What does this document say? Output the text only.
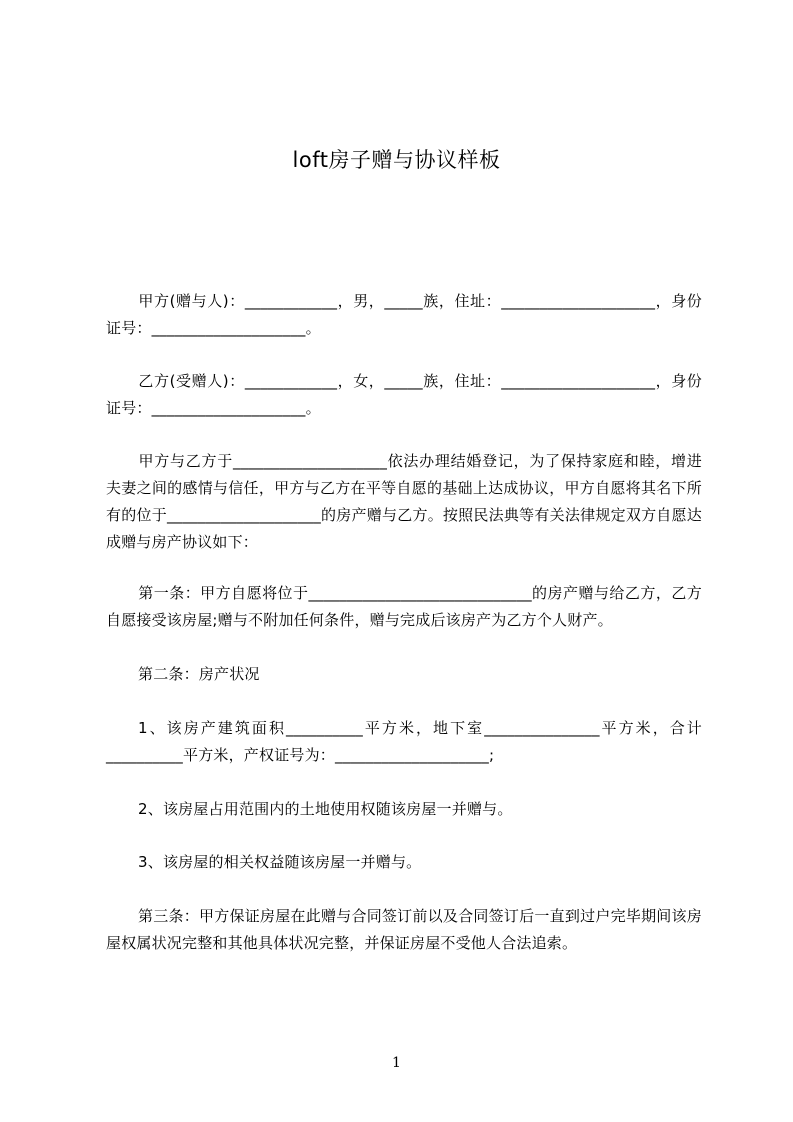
loft房子赠与协议样板
甲方(赠与人)：____________，男，_____族，住址：____________________，身份证号：____________________。
乙方(受赠人)：____________，女，_____族，住址：____________________，身份证号：____________________。
甲方与乙方于____________________依法办理结婚登记，为了保持家庭和睦，增进夫妻之间的感情与信任，甲方与乙方在平等自愿的基础上达成协议，甲方自愿将其名下所有的位于____________________的房产赠与乙方。按照民法典等有关法律规定双方自愿达成赠与房产协议如下：
第一条：甲方自愿将位于_____________________________的房产赠与给乙方，乙方自愿接受该房屋;赠与不附加任何条件，赠与完成后该房产为乙方个人财产。
第二条：房产状况
1、该房产建筑面积__________平方米，地下室_______________平方米，合计__________平方米，产权证号为：____________________;
2、该房屋占用范围内的土地使用权随该房屋一并赠与。
3、该房屋的相关权益随该房屋一并赠与。
第三条：甲方保证房屋在此赠与合同签订前以及合同签订后一直到过户完毕期间该房屋权属状况完整和其他具体状况完整，并保证房屋不受他人合法追索。
1
